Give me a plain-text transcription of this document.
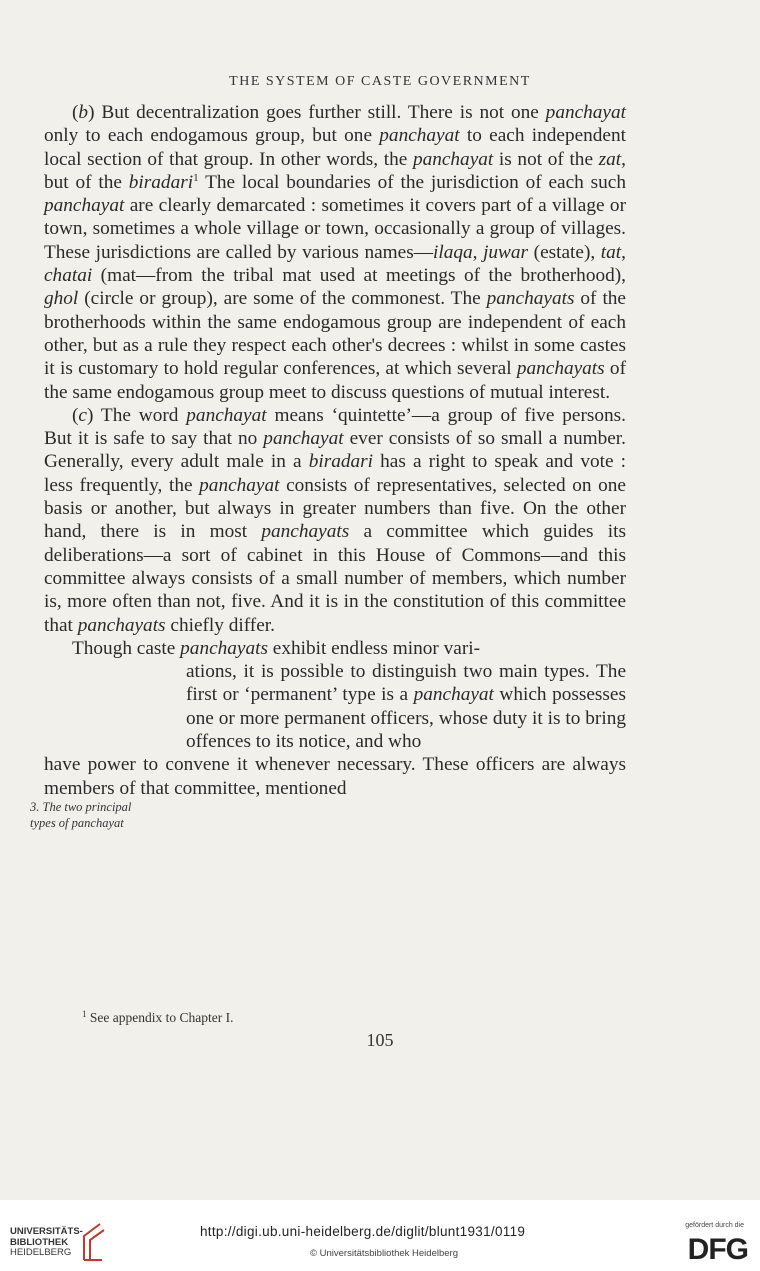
THE SYSTEM OF CASTE GOVERNMENT

(b) But decentralization goes further still. There is not one panchayat only to each endogamous group, but one panchayat to each independent local section of that group. In other words, the panchayat is not of the zat, but of the biradari$^1$ The local boundaries of the jurisdiction of each such panchayat are clearly demarcated : sometimes it covers part of a village or town, sometimes a whole village or town, occasionally a group of villages. These jurisdictions are called by various names—ilaqa, juwar (estate), tat, chatai (mat—from the tribal mat used at meetings of the brotherhood), ghol (circle or group), are some of the commonest. The panchayats of the brotherhoods within the same endogamous group are independent of each other, but as a rule they respect each other's decrees : whilst in some castes it is customary to hold regular conferences, at which several panchayats of the same endogamous group meet to discuss questions of mutual interest.

(c) The word panchayat means ‘quintette’—a group of five persons. But it is safe to say that no panchayat ever consists of so small a number. Generally, every adult male in a biradari has a right to speak and vote : less frequently, the panchayat consists of representatives, selected on one basis or another, but always in greater numbers than five. On the other hand, there is in most panchayats a committee which guides its deliberations—a sort of cabinet in this House of Commons—and this committee always consists of a small number of members, which number is, more often than not, five. And it is in the constitution of this committee that panchayats chiefly differ.

Though caste panchayats exhibit endless minor vari-

ations, it is possible to distinguish two main types. The first or ‘permanent’ type is a panchayat which possesses one or more permanent officers, whose duty it is to bring offences to its notice, and who

have power to convene it whenever necessary. These officers are always members of that committee, mentioned

3. The two principal types of panchayat
$^1$ See appendix to Chapter I.
105
UNIVERSITÄTS-
BIBLIOTHEK
HEIDELBERG
http://digi.ub.uni-heidelberg.de/diglit/blunt1931/0119
© Universitätsbibliothek Heidelberg
gefördert durch die
DFG
